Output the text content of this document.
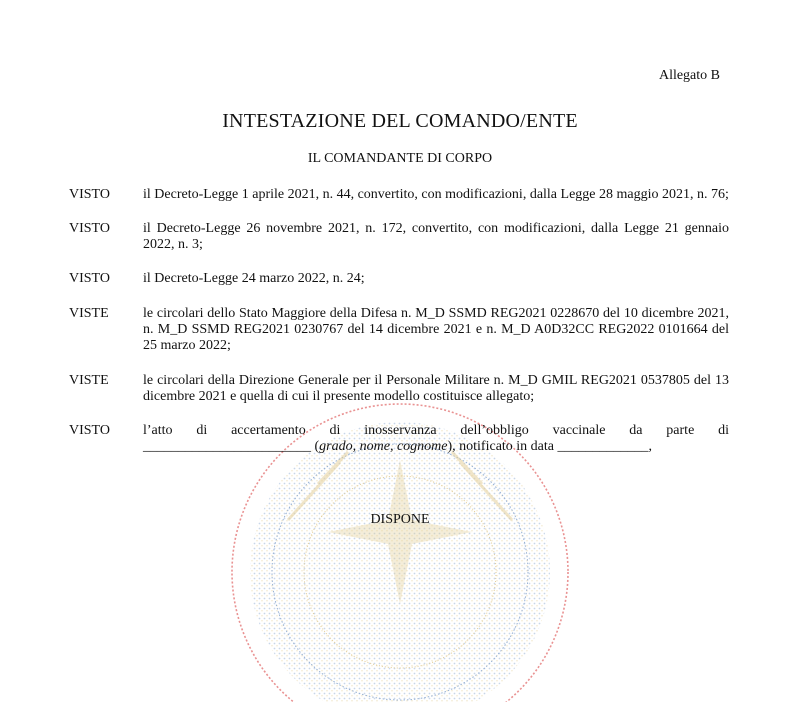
Allegato B
INTESTAZIONE DEL COMANDO/ENTE
IL COMANDANTE DI CORPO
VISTO	il Decreto-Legge 1 aprile 2021, n. 44, convertito, con modificazioni, dalla Legge 28 maggio 2021, n. 76;
VISTO	il Decreto-Legge 26 novembre 2021, n. 172, convertito, con modificazioni, dalla Legge 21 gennaio 2022, n. 3;
VISTO	il Decreto-Legge 24 marzo 2022, n. 24;
VISTE	le circolari dello Stato Maggiore della Difesa n. M_D SSMD REG2021 0228670 del 10 dicembre 2021, n. M_D SSMD REG2021 0230767 del 14 dicembre 2021 e n. M_D A0D32CC REG2022 0101664 del 25 marzo 2022;
VISTE	le circolari della Direzione Generale per il Personale Militare n. M_D GMIL REG2021 0537805 del 13 dicembre 2021 e quella di cui il presente modello costituisce allegato;
VISTO	l’atto di accertamento di inosservanza dell’obbligo vaccinale da parte di
________________________ (grado, nome, cognome), notificato in data _____________,
DISPONE
